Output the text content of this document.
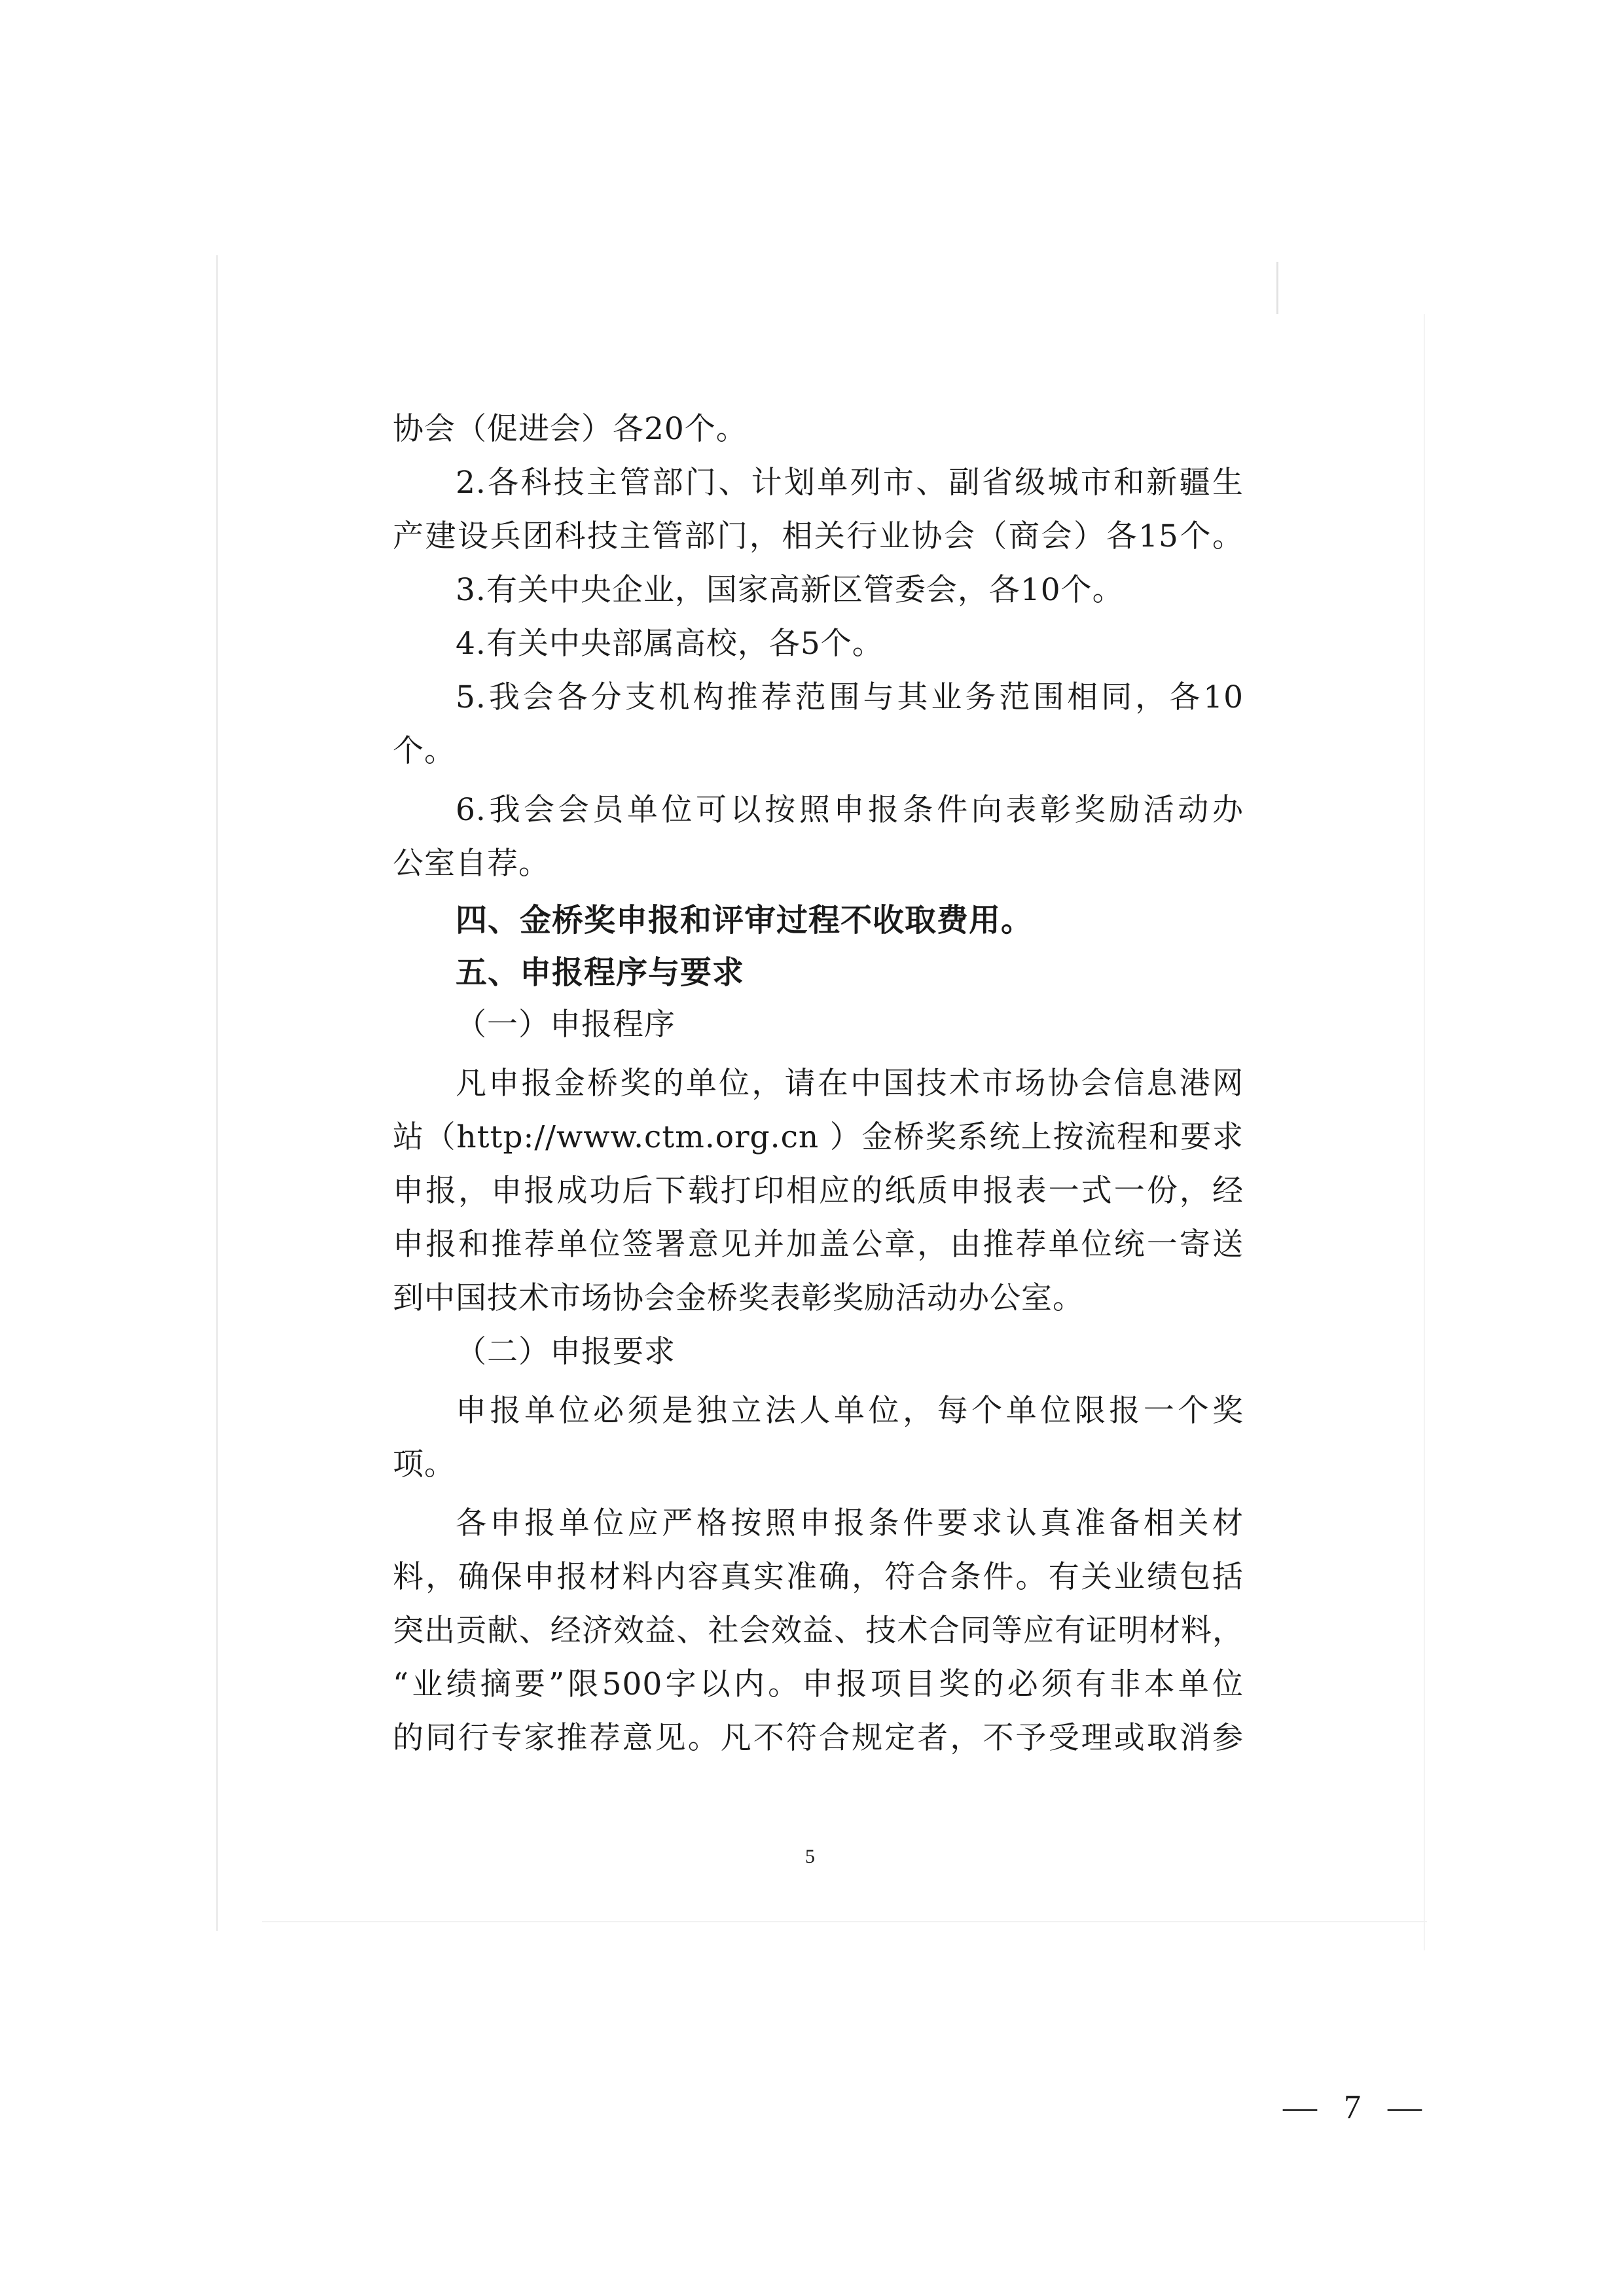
协会（促进会）各20个。
2.各科技主管部门、计划单列市、副省级城市和新疆生
产建设兵团科技主管部门，相关行业协会（商会）各15个。
3.有关中央企业，国家高新区管委会，各10个。
4.有关中央部属高校，各5个。
5.我会各分支机构推荐范围与其业务范围相同，各10
个。
6.我会会员单位可以按照申报条件向表彰奖励活动办
公室自荐。
四、金桥奖申报和评审过程不收取费用。
五、申报程序与要求
（一）申报程序
凡申报金桥奖的单位，请在中国技术市场协会信息港网
站（http://www.ctm.org.cn ）金桥奖系统上按流程和要求
申报，申报成功后下载打印相应的纸质申报表一式一份，经
申报和推荐单位签署意见并加盖公章，由推荐单位统一寄送
到中国技术市场协会金桥奖表彰奖励活动办公室。
（二）申报要求
申报单位必须是独立法人单位，每个单位限报一个奖
项。
各申报单位应严格按照申报条件要求认真准备相关材
料，确保申报材料内容真实准确，符合条件。有关业绩包括
突出贡献、经济效益、社会效益、技术合同等应有证明材料，
“业绩摘要”限500字以内。申报项目奖的必须有非本单位
的同行专家推荐意见。凡不符合规定者，不予受理或取消参
5
— 7 —
